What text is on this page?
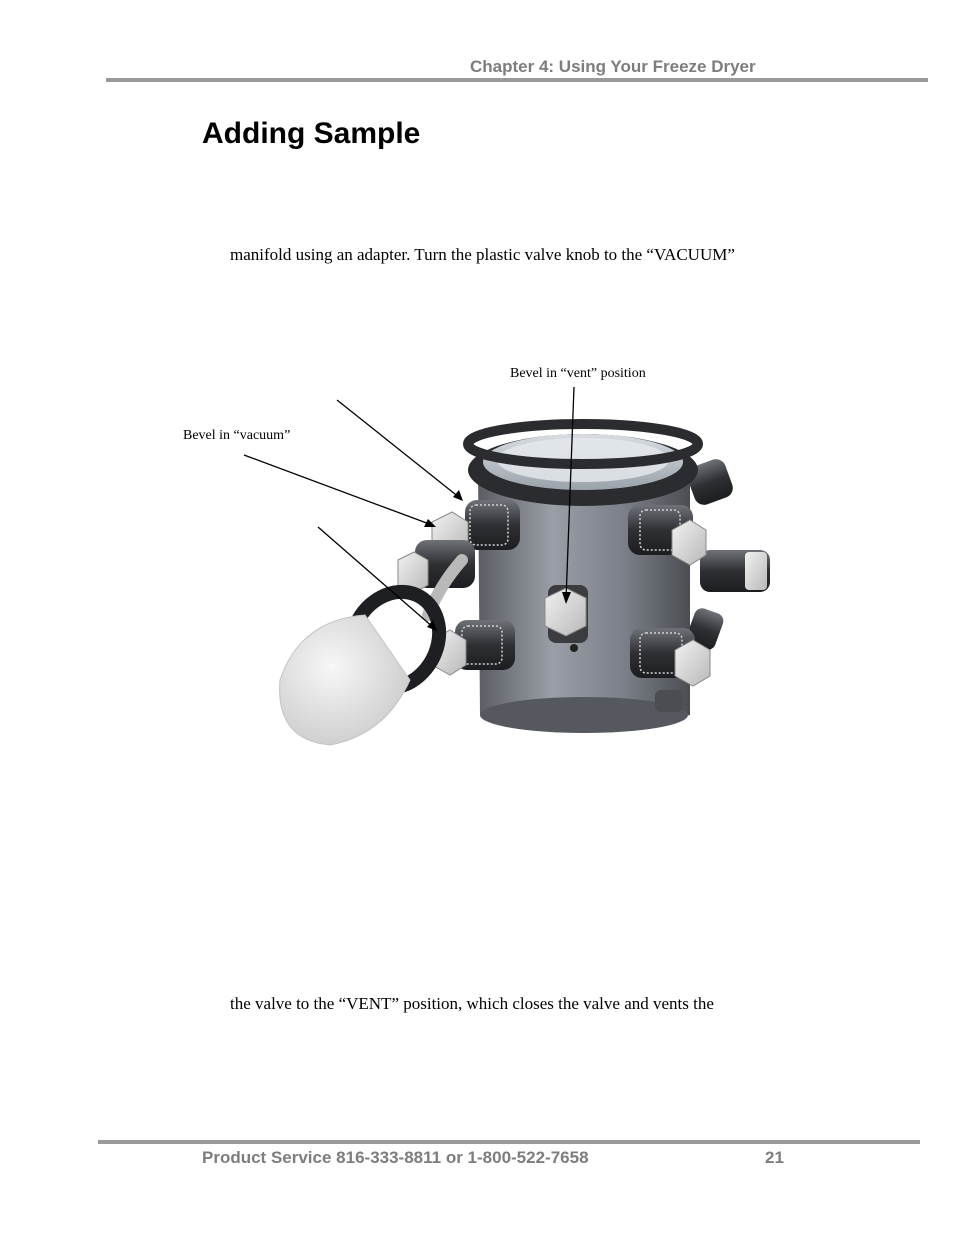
Chapter 4: Using Your Freeze Dryer
Adding Sample
manifold using an adapter. Turn the plastic valve knob to the “VACUUM”
Bevel in “vent” position
Bevel in “vacuum”
the valve to the “VENT” position, which closes the valve and vents the
Product Service 816-333-8811 or 1-800-522-7658	21
